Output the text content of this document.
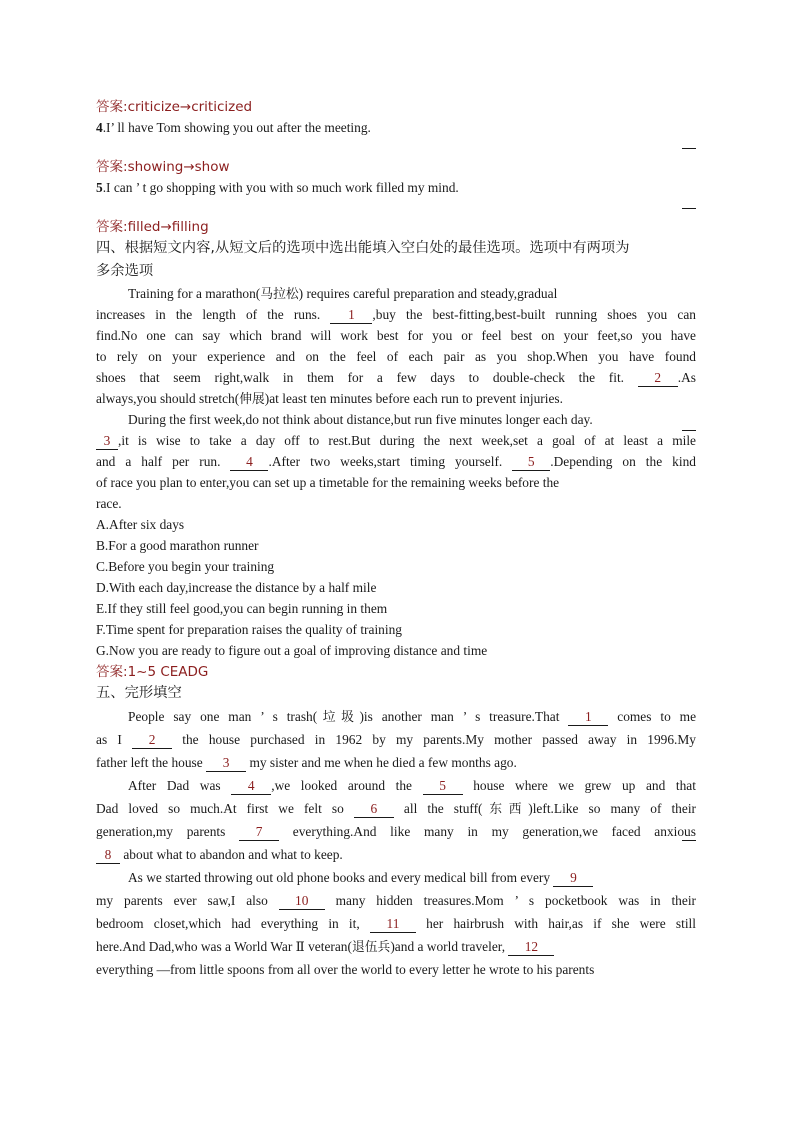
答案:criticize→criticized
4.I’ ll have Tom showing you out after the meeting.
答案:showing→show
5.I can ’ t go shopping with you with so much work filled my mind.
答案:filled→filling
四、根据短文内容,从短文后的选项中选出能填入空白处的最佳选项。选项中有两项为
多余选项
Training for a marathon(马拉松) requires careful preparation and steady,gradual
increases in the length of the runs. 1 ,buy the best-fitting,best-built running shoes you can
find.No one can say which brand will work best for you or feel best on your feet,so you have
to rely on your experience and on the feel of each pair as you shop.When you have found
shoes that seem right,walk in them for a few days to double-check the fit. 2 .As
always,you should stretch(伸展)at least ten minutes before each run to prevent injuries.
During the first week,do not think about distance,but run five minutes longer each day.
3 ,it is wise to take a day off to rest.But during the next week,set a goal of at least a mile
and a half per run. 4 .After two weeks,start timing yourself. 5 .Depending on the kind
of race you plan to enter,you can set up a timetable for the remaining weeks before the
race.
A.After six days
B.For a good marathon runner
C.Before you begin your training
D.With each day,increase the distance by a half mile
E.If they still feel good,you can begin running in them
F.Time spent for preparation raises the quality of training
G.Now you are ready to figure out a goal of improving distance and time
答案:1~5 CEADG
五、完形填空
People say one man ’ s trash(垃圾)is another man ’ s treasure.That 1 comes to me
as I 2 the house purchased in 1962 by my parents.My mother passed away in 1996.My
father left the house 3 my sister and me when he died a few months ago.
After Dad was 4 ,we looked around the 5 house where we grew up and that
Dad loved so much.At first we felt so 6 all the stuff(东西)left.Like so many of their
generation,my parents 7 everything.And like many in my generation,we faced anxious
8 about what to abandon and what to keep.
As we started throwing out old phone books and every medical bill from every 9
my parents ever saw,I also 10 many hidden treasures.Mom ’ s pocketbook was in their
bedroom closet,which had everything in it, 11 her hairbrush with hair,as if she were still
here.And Dad,who was a World War Ⅱ veteran(退伍兵)and a world traveler, 12
everything —from little spoons from all over the world to every letter he wrote to his parents
